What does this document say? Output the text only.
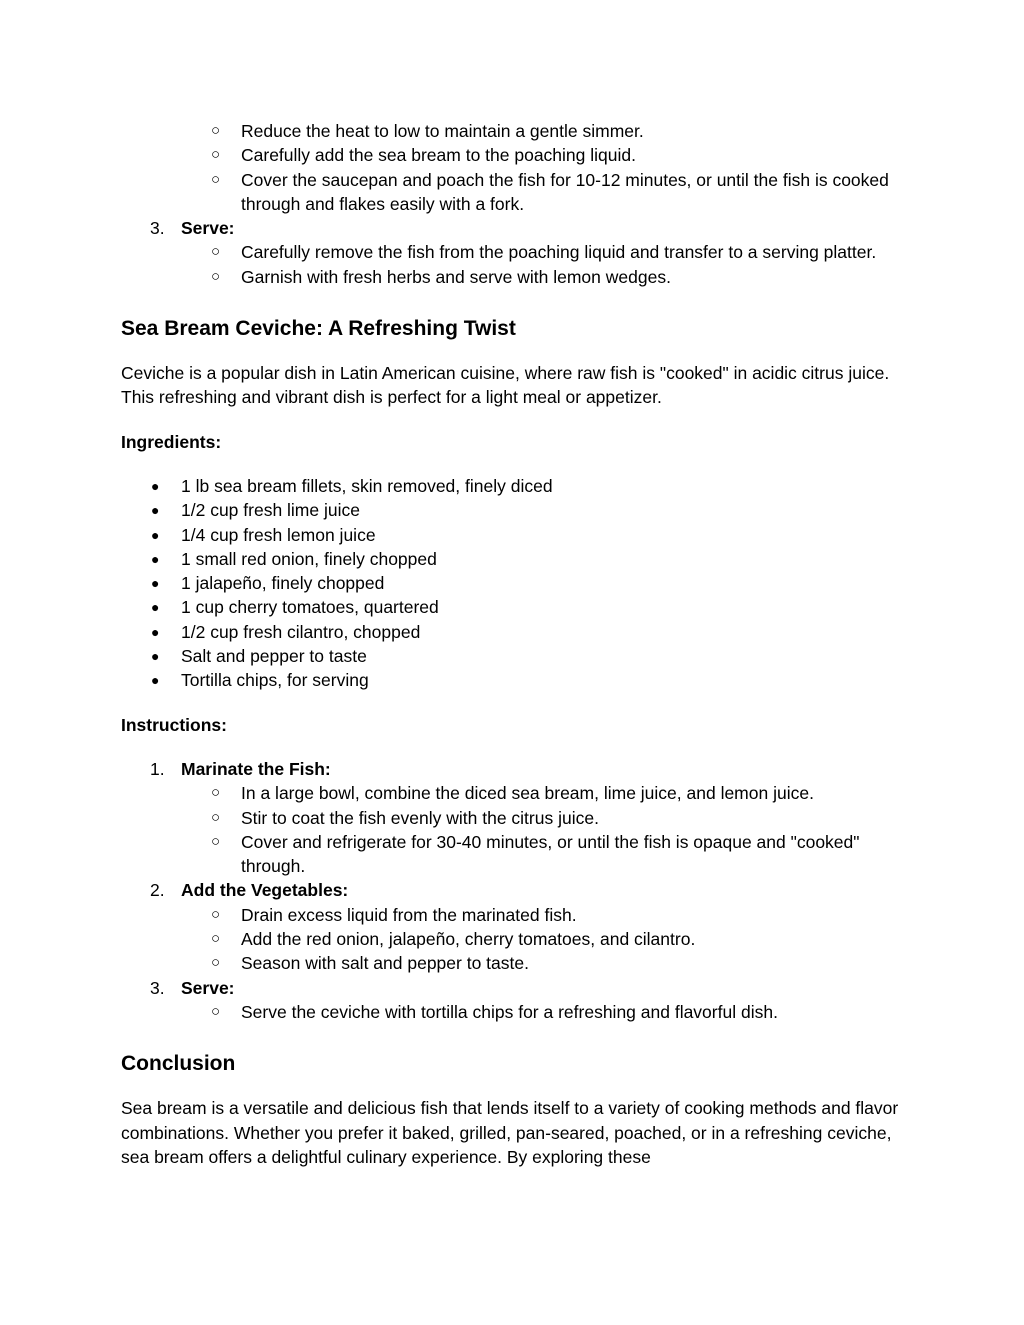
○ Reduce the heat to low to maintain a gentle simmer.
○ Carefully add the sea bream to the poaching liquid.
○ Cover the saucepan and poach the fish for 10-12 minutes, or until the fish is cooked through and flakes easily with a fork.
3. Serve:
○ Carefully remove the fish from the poaching liquid and transfer to a serving platter.
○ Garnish with fresh herbs and serve with lemon wedges.
Sea Bream Ceviche: A Refreshing Twist

Ceviche is a popular dish in Latin American cuisine, where raw fish is "cooked" in acidic citrus juice. This refreshing and vibrant dish is perfect for a light meal or appetizer.

Ingredients:

● 1 lb sea bream fillets, skin removed, finely diced
● 1/2 cup fresh lime juice
● 1/4 cup fresh lemon juice
● 1 small red onion, finely chopped
● 1 jalapeño, finely chopped
● 1 cup cherry tomatoes, quartered
● 1/2 cup fresh cilantro, chopped
● Salt and pepper to taste
● Tortilla chips, for serving

Instructions:

1. Marinate the Fish:
○ In a large bowl, combine the diced sea bream, lime juice, and lemon juice.
○ Stir to coat the fish evenly with the citrus juice.
○ Cover and refrigerate for 30-40 minutes, or until the fish is opaque and "cooked" through.
2. Add the Vegetables:
○ Drain excess liquid from the marinated fish.
○ Add the red onion, jalapeño, cherry tomatoes, and cilantro.
○ Season with salt and pepper to taste.
3. Serve:
○ Serve the ceviche with tortilla chips for a refreshing and flavorful dish.
Conclusion

Sea bream is a versatile and delicious fish that lends itself to a variety of cooking methods and flavor combinations. Whether you prefer it baked, grilled, pan-seared, poached, or in a refreshing ceviche, sea bream offers a delightful culinary experience. By exploring these
